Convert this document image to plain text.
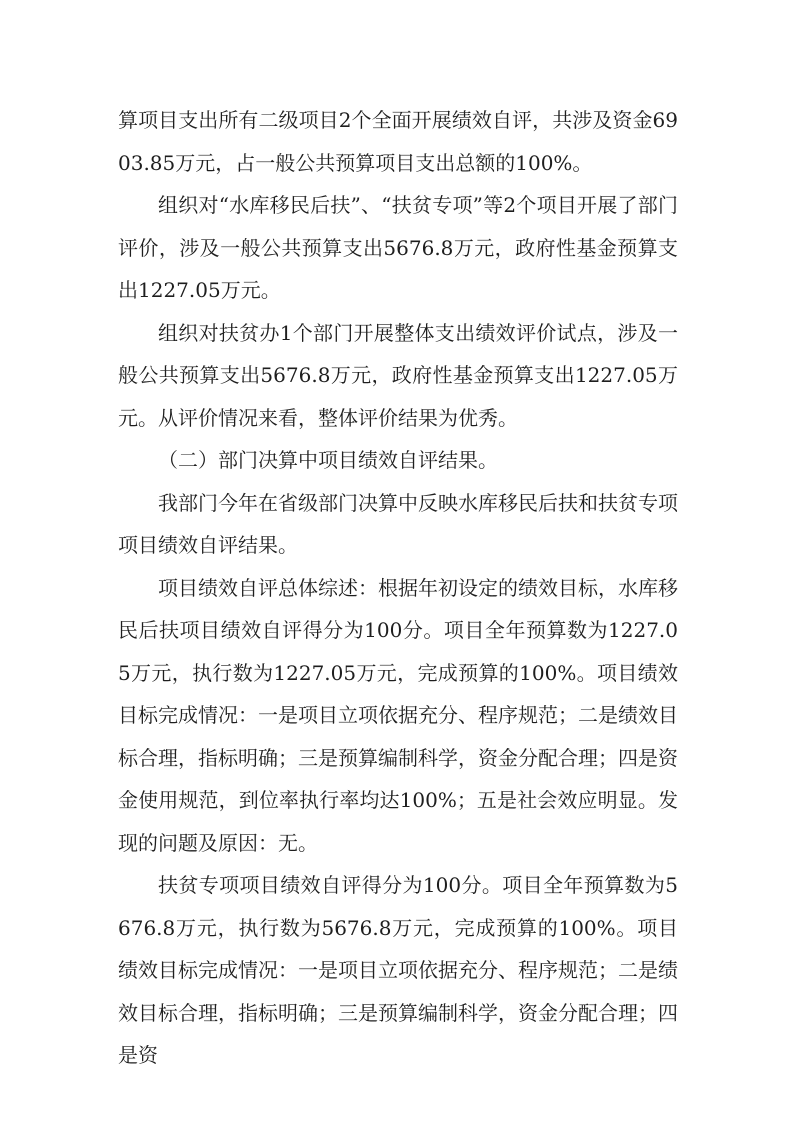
算项目支出所有二级项目2个全面开展绩效自评，共涉及资金6903.85万元，占一般公共预算项目支出总额的100%。

组织对“水库移民后扶”、“扶贫专项”等2个项目开展了部门评价，涉及一般公共预算支出5676.8万元，政府性基金预算支出1227.05万元。

组织对扶贫办1个部门开展整体支出绩效评价试点，涉及一般公共预算支出5676.8万元，政府性基金预算支出1227.05万元。从评价情况来看，整体评价结果为优秀。

（二）部门决算中项目绩效自评结果。

我部门今年在省级部门决算中反映水库移民后扶和扶贫专项项目绩效自评结果。

项目绩效自评总体综述：根据年初设定的绩效目标，水库移民后扶项目绩效自评得分为100分。项目全年预算数为1227.05万元，执行数为1227.05万元，完成预算的100%。项目绩效目标完成情况：一是项目立项依据充分、程序规范；二是绩效目标合理，指标明确；三是预算编制科学，资金分配合理；四是资金使用规范，到位率执行率均达100%；五是社会效应明显。发现的问题及原因：无。

扶贫专项项目绩效自评得分为100分。项目全年预算数为5676.8万元，执行数为5676.8万元，完成预算的100%。项目绩效目标完成情况：一是项目立项依据充分、程序规范；二是绩效目标合理，指标明确；三是预算编制科学，资金分配合理；四是资
